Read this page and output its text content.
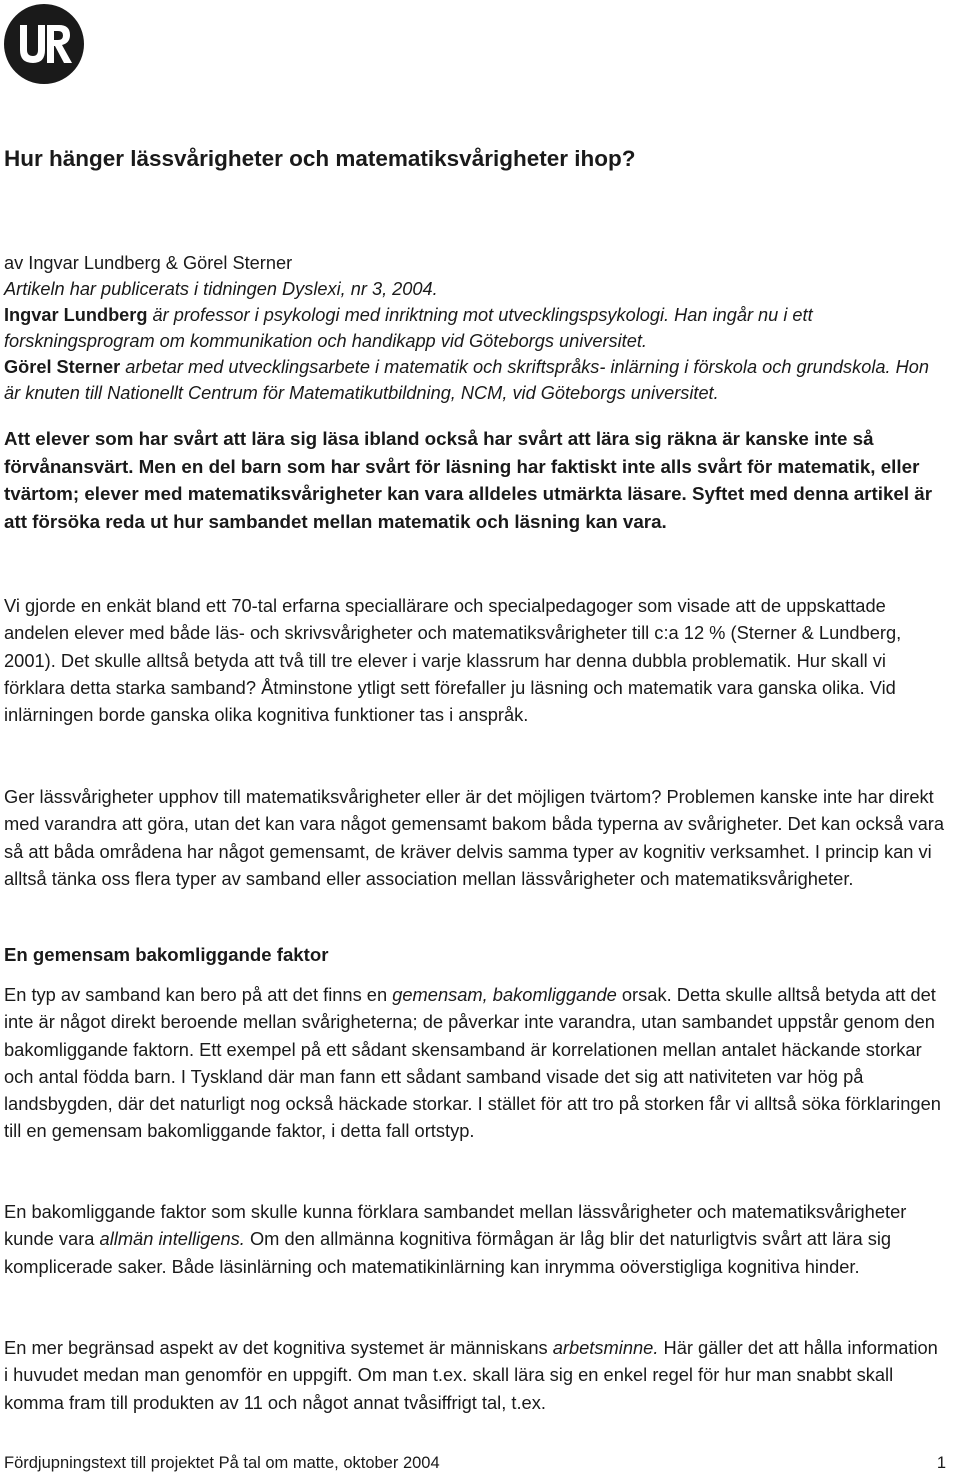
Hur hänger lässvårigheter och matematiksvårigheter ihop?
av Ingvar Lundberg & Görel Sterner
Artikeln har publicerats i tidningen Dyslexi, nr 3, 2004.
Ingvar Lundberg är professor i psykologi med inriktning mot utvecklingspsykologi. Han ingår nu i ett forskningsprogram om kommunikation och handikapp vid Göteborgs universitet.
Görel Sterner arbetar med utvecklingsarbete i matematik och skriftspråks- inlärning i förskola och grundskola. Hon är knuten till Nationellt Centrum för Matematikutbildning, NCM, vid Göteborgs universitet.

Att elever som har svårt att lära sig läsa ibland också har svårt att lära sig räkna är kanske inte så förvånansvärt. Men en del barn som har svårt för läsning har faktiskt inte alls svårt för matematik, eller tvärtom; elever med matematiksvårigheter kan vara alldeles utmärkta läsare. Syftet med denna artikel är att försöka reda ut hur sambandet mellan matematik och läsning kan vara.

Vi gjorde en enkät bland ett 70-tal erfarna speciallärare och specialpedagoger som visade att de uppskattade andelen elever med både läs- och skrivsvårigheter och matematiksvårigheter till c:a 12 % (Sterner & Lundberg, 2001). Det skulle alltså betyda att två till tre elever i varje klassrum har denna dubbla problematik. Hur skall vi förklara detta starka samband? Åtminstone ytligt sett förefaller ju läsning och matematik vara ganska olika. Vid inlärningen borde ganska olika kognitiva funktioner tas i anspråk.

Ger lässvårigheter upphov till matematiksvårigheter eller är det möjligen tvärtom? Problemen kanske inte har direkt med varandra att göra, utan det kan vara något gemensamt bakom båda typerna av svårigheter. Det kan också vara så att båda områdena har något gemensamt, de kräver delvis samma typer av kognitiv verksamhet. I princip kan vi alltså tänka oss flera typer av samband eller association mellan lässvårigheter och matematiksvårigheter.

En gemensam bakomliggande faktor

En typ av samband kan bero på att det finns en gemensam, bakomliggande orsak. Detta skulle alltså betyda att det inte är något direkt beroende mellan svårigheterna; de påverkar inte varandra, utan sambandet uppstår genom den bakomliggande faktorn. Ett exempel på ett sådant skensamband är korrelationen mellan antalet häckande storkar och antal födda barn. I Tyskland där man fann ett sådant samband visade det sig att nativiteten var hög på landsbygden, där det naturligt nog också häckade storkar. I stället för att tro på storken får vi alltså söka förklaringen till en gemensam bakomliggande faktor, i detta fall ortstyp.

En bakomliggande faktor som skulle kunna förklara sambandet mellan lässvårigheter och matematiksvårigheter kunde vara allmän intelligens. Om den allmänna kognitiva förmågan är låg blir det naturligtvis svårt att lära sig komplicerade saker. Både läsinlärning och matematikinlärning kan inrymma oöverstigliga kognitiva hinder.

En mer begränsad aspekt av det kognitiva systemet är människans arbetsminne. Här gäller det att hålla information i huvudet medan man genomför en uppgift. Om man t.ex. skall lära sig en enkel regel för hur man snabbt skall komma fram till produkten av 11 och något annat tvåsiffrigt tal, t.ex.

Fördjupningstext till projektet På tal om matte, oktober 2004	1
